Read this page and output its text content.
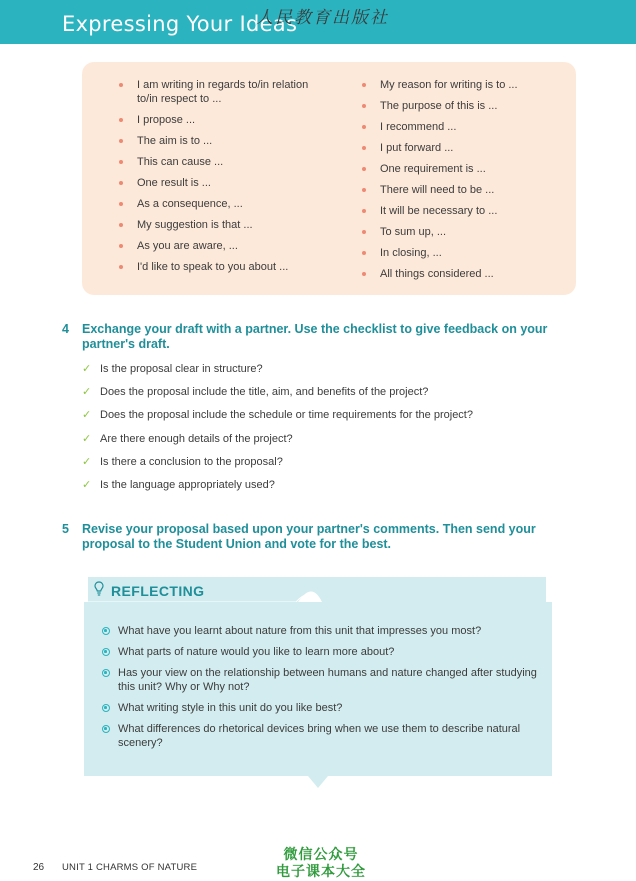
Expressing Your Ideas
人民教育出版社
I am writing in regards to/in relation to/in respect to ...
I propose ...
The aim is to ...
This can cause ...
One result is ...
As a consequence, ...
My suggestion is that ...
As you are aware, ...
I'd like to speak to you about ...
My reason for writing is to ...
The purpose of this is ...
I recommend ...
I put forward ...
One requirement is ...
There will need to be ...
It will be necessary to ...
To sum up, ...
In closing, ...
All things considered ...
4 Exchange your draft with a partner. Use the checklist to give feedback on your partner's draft.
✓ Is the proposal clear in structure?
✓ Does the proposal include the title, aim, and benefits of the project?
✓ Does the proposal include the schedule or time requirements for the project?
✓ Are there enough details of the project?
✓ Is there a conclusion to the proposal?
✓ Is the language appropriately used?
5 Revise your proposal based upon your partner's comments. Then send your proposal to the Student Union and vote for the best.
REFLECTING
What have you learnt about nature from this unit that impresses you most?
What parts of nature would you like to learn more about?
Has your view on the relationship between humans and nature changed after studying this unit? Why or Why not?
What writing style in this unit do you like best?
What differences do rhetorical devices bring when we use them to describe natural scenery?
26 UNIT 1 CHARMS OF NATURE
微信公众号
电子课本大全
